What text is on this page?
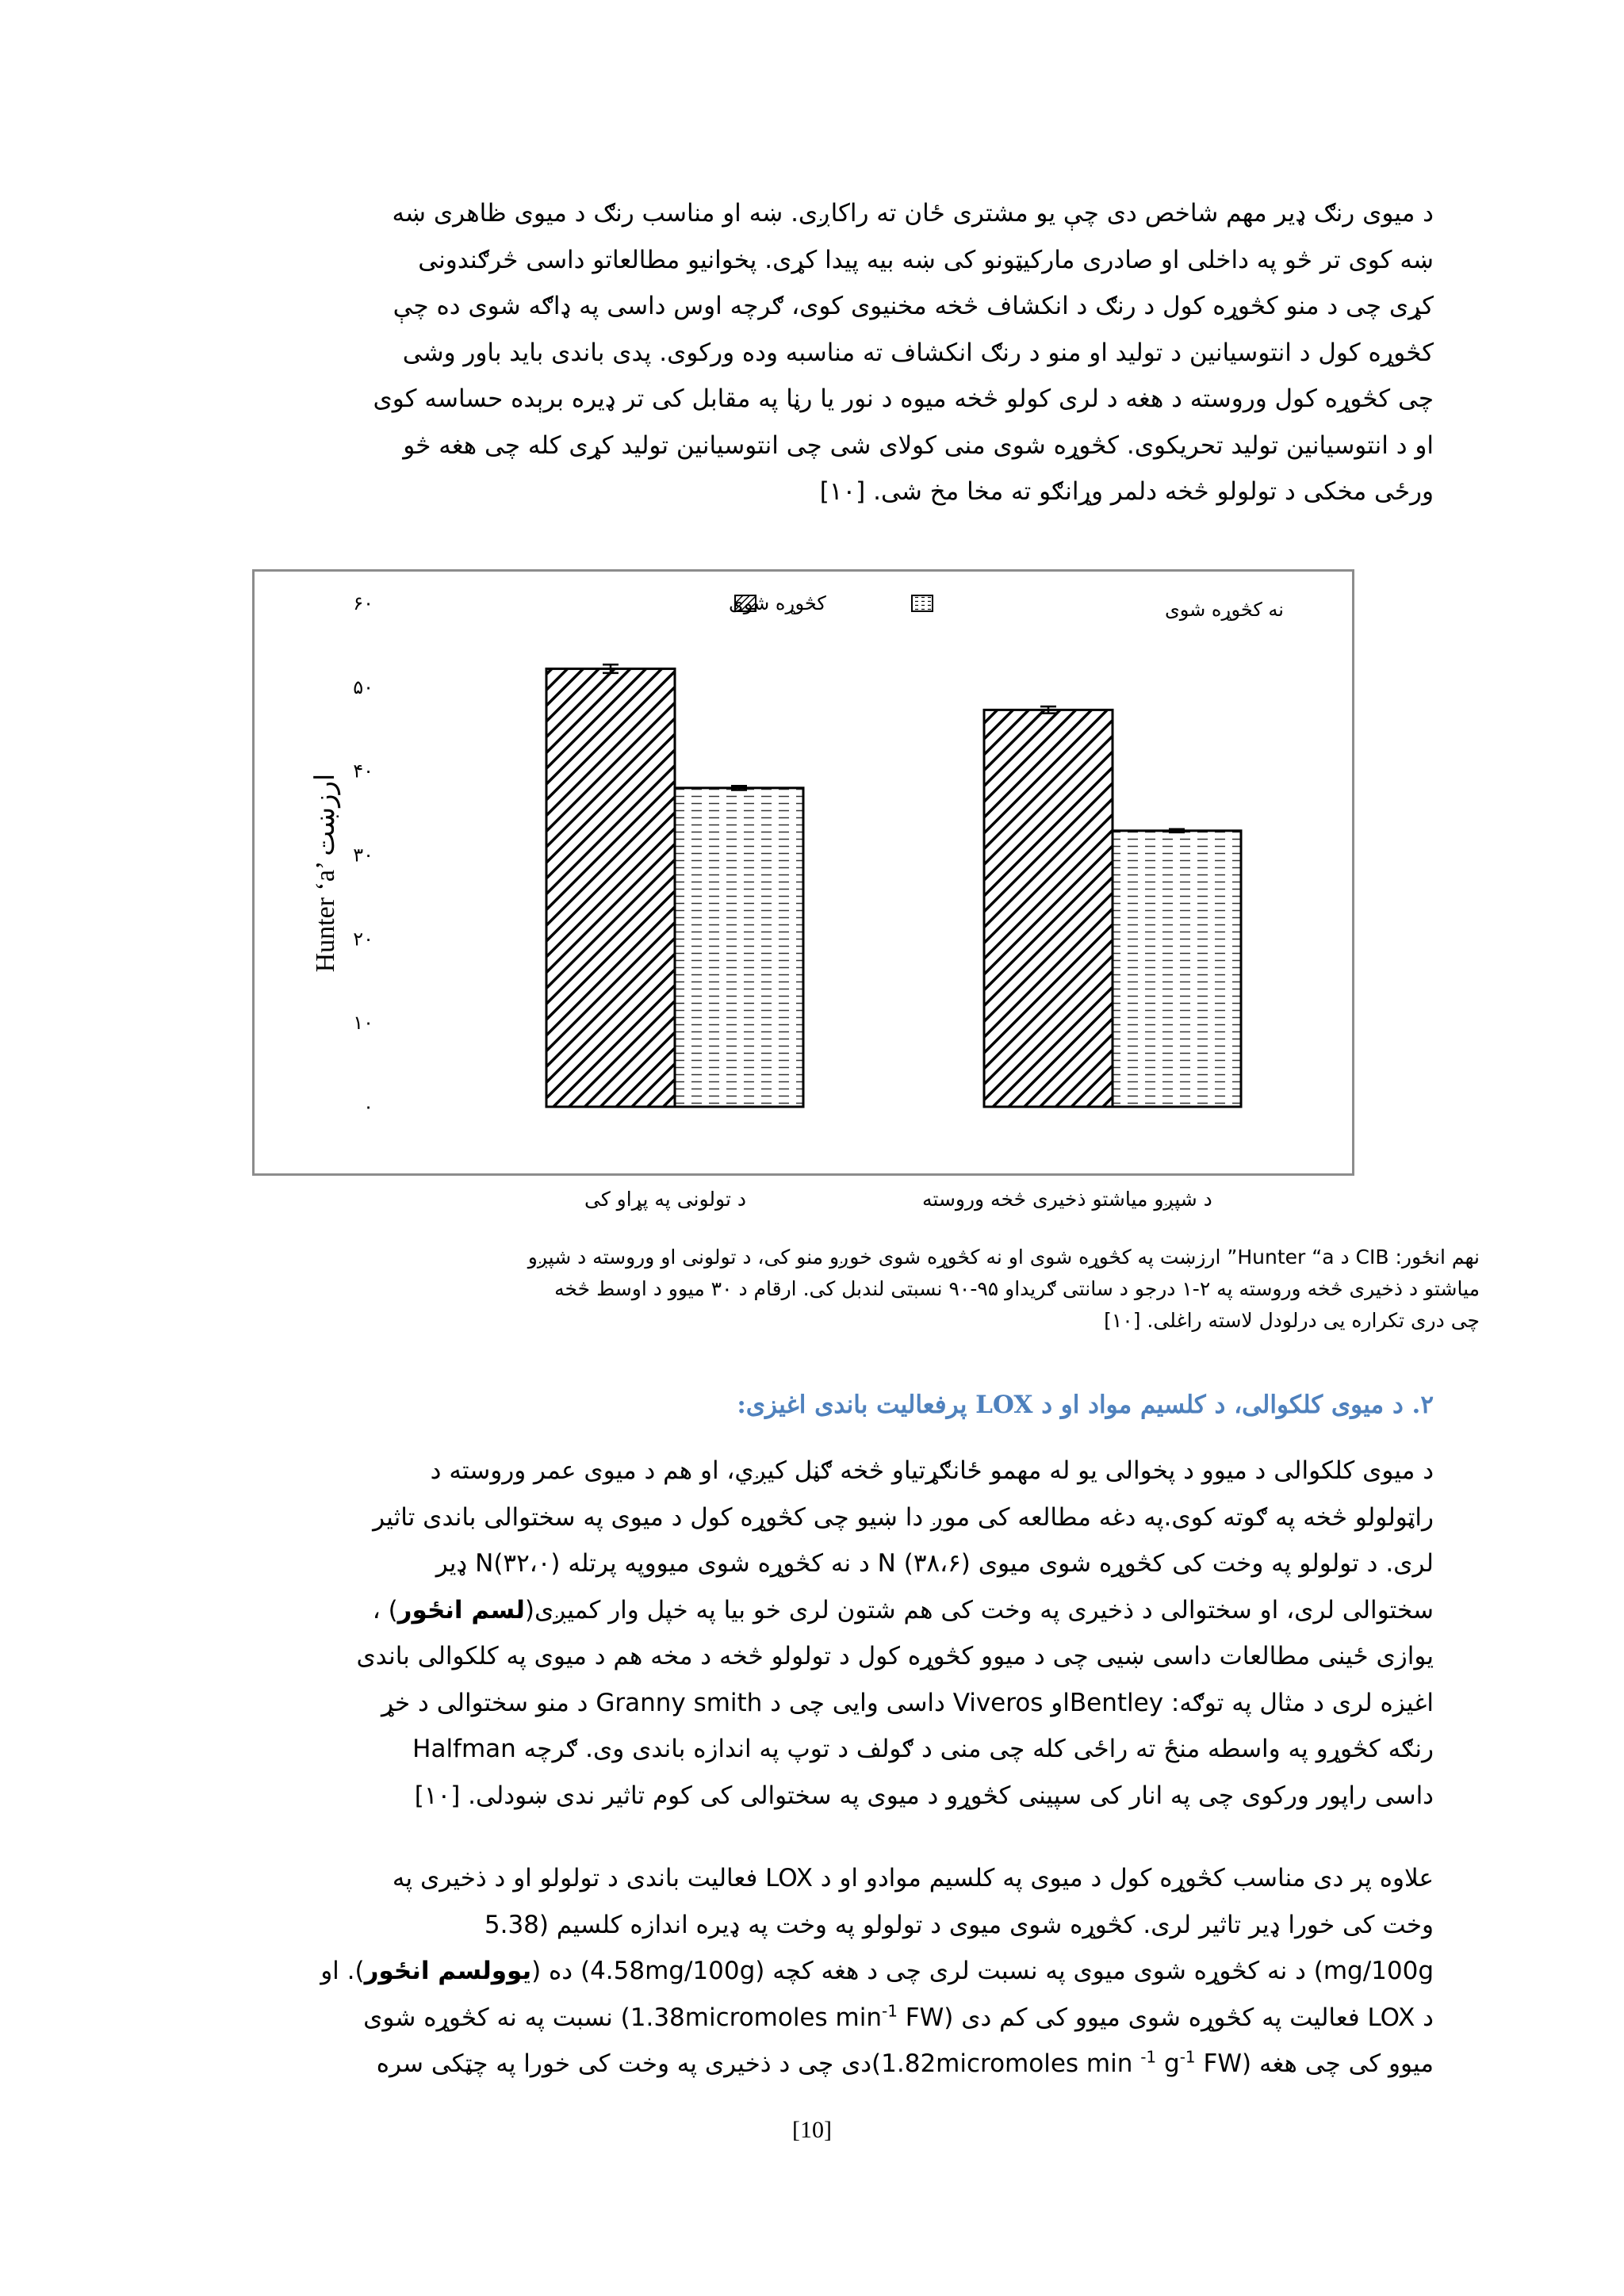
د میوی رنګ ډیر مهم شاخص دی چې یو مشتری ځان ته راکاږی. ښه او مناسب رنګ د میوی ظاهری ښه

ښه کوی تر څو په داخلی او صادری مارکیټونو کی ښه بیه پیدا کړی. پخوانیو مطالعاتو داسی څرګندونی

کړی چی د منو کڅوړه کول د رنګ د انکشاف څخه مخنیوی کوی، ګرچه اوس داسی په ډاګه شوی ده چې

کڅوړه کول د انتوسیانین د تولید او منو د رنګ انکشاف ته مناسبه وده ورکوی. پدی باندی باید باور وشی

چی کڅوړه کول وروسته د هغه د لری کولو څخه میوه د نور یا رڼا په مقابل کی تر ډیره برېده حساسه کوی

او د انتوسیانین تولید تحریکوی. کڅوړه شوی منی کولای شی چی انتوسیانین تولید کړی کله چی هغه څو

ورځی مخکی د تولولو څخه دلمر وړانګو ته مخا مخ شی. [۱۰]

۰
۱۰
۲۰
۳۰
۴۰
۵۰
۶۰	کڅوړه شوی	نه کڅوړه شوی
Hunter ‘a’ ارزښت
د تولونی په پړاو کی	د شپږو میاشتو ذخیری څخه وروسته

نهم انځور: CIB د Hunter “a” ارزښت په کڅوړه شوی او نه کڅوړه شوی خوږو منو کی، د تولونی او وروسته د شپږو

میاشتو د ذخیری څخه وروسته په ۲-۱ درجو د سانتی ګریداو ۹۵-۹۰ نسبتی لندبل کی. ارقام د ۳۰ میوو د اوسط څخه

چی دری تکراره یی درلودل لاسته راغلی. [۱۰]

۲. د میوی کلکوالی، د کلسیم مواد او د LOX پرفعالیت باندی اغیزی:

د میوی کلکوالی د میوو د پخوالی یو له مهمو ځانګړتیاو څخه ګڼل کیږي، او هم د میوی عمر وروسته د

راټولولو څخه په ګوته کوی.په دغه مطالعه کی موږ دا ښیو چی کڅوړه کول د میوی په سختوالی باندی تاثیر

لری. د تولولو په وخت کی کڅوړه شوی میوی (۳۸،۶) N د نه کڅوړه شوی میووپه پرتله (۳۲،۰)N ډیر

سختوالی لری، او سختوالی د ذخیری په وخت کی هم شتون لری خو بیا په خپل وار کمیږی(لسم انځور) ،

یوازی ځینی مطالعات داسی ښیی چی د میوو کڅوړه کول د تولولو څخه د مخه هم د میوی په کلکوالی باندی

اغیزه لری د مثال په توګه: Bentleyاو Viveros داسی وایی چی د Granny smith د منو سختوالی د خړ

رنګه کڅوړو په واسطه منځ ته راځی کله چی منی د ګولف د توپ په اندازه باندی وی. ګرچه Halfman

داسی راپور ورکوی چی په انار کی سپینی کڅوړو د میوی په سختوالی کی کوم تاثیر ندی ښودلی. [۱۰]

علاوه پر دی مناسب کڅوړه کول د میوی په کلسیم موادو او د LOX فعالیت باندی د تولولو او د ذخیری په

وخت کی خورا ډیر تاثیر لری. کڅوړه شوی میوی د تولولو په وخت په ډیره اندازه کلسیم (5.38

mg/100g) د نه کڅوړه شوی میوی په نسبت لری چی د هغه کچه (4.58mg/100g) ده (یوولسم انځور). او

د LOX فعالیت په کڅوړه شوی میوو کی کم دی (1.38micromoles $\min^{-1} FW$) نسبت په نه کڅوړه شوی

میوو کی چی هغه (1.82micromoles min $^{-1}$ $g^{-1}$ FW)دی چی د ذخیری په وخت کی خورا په چټکی سره

[10]
